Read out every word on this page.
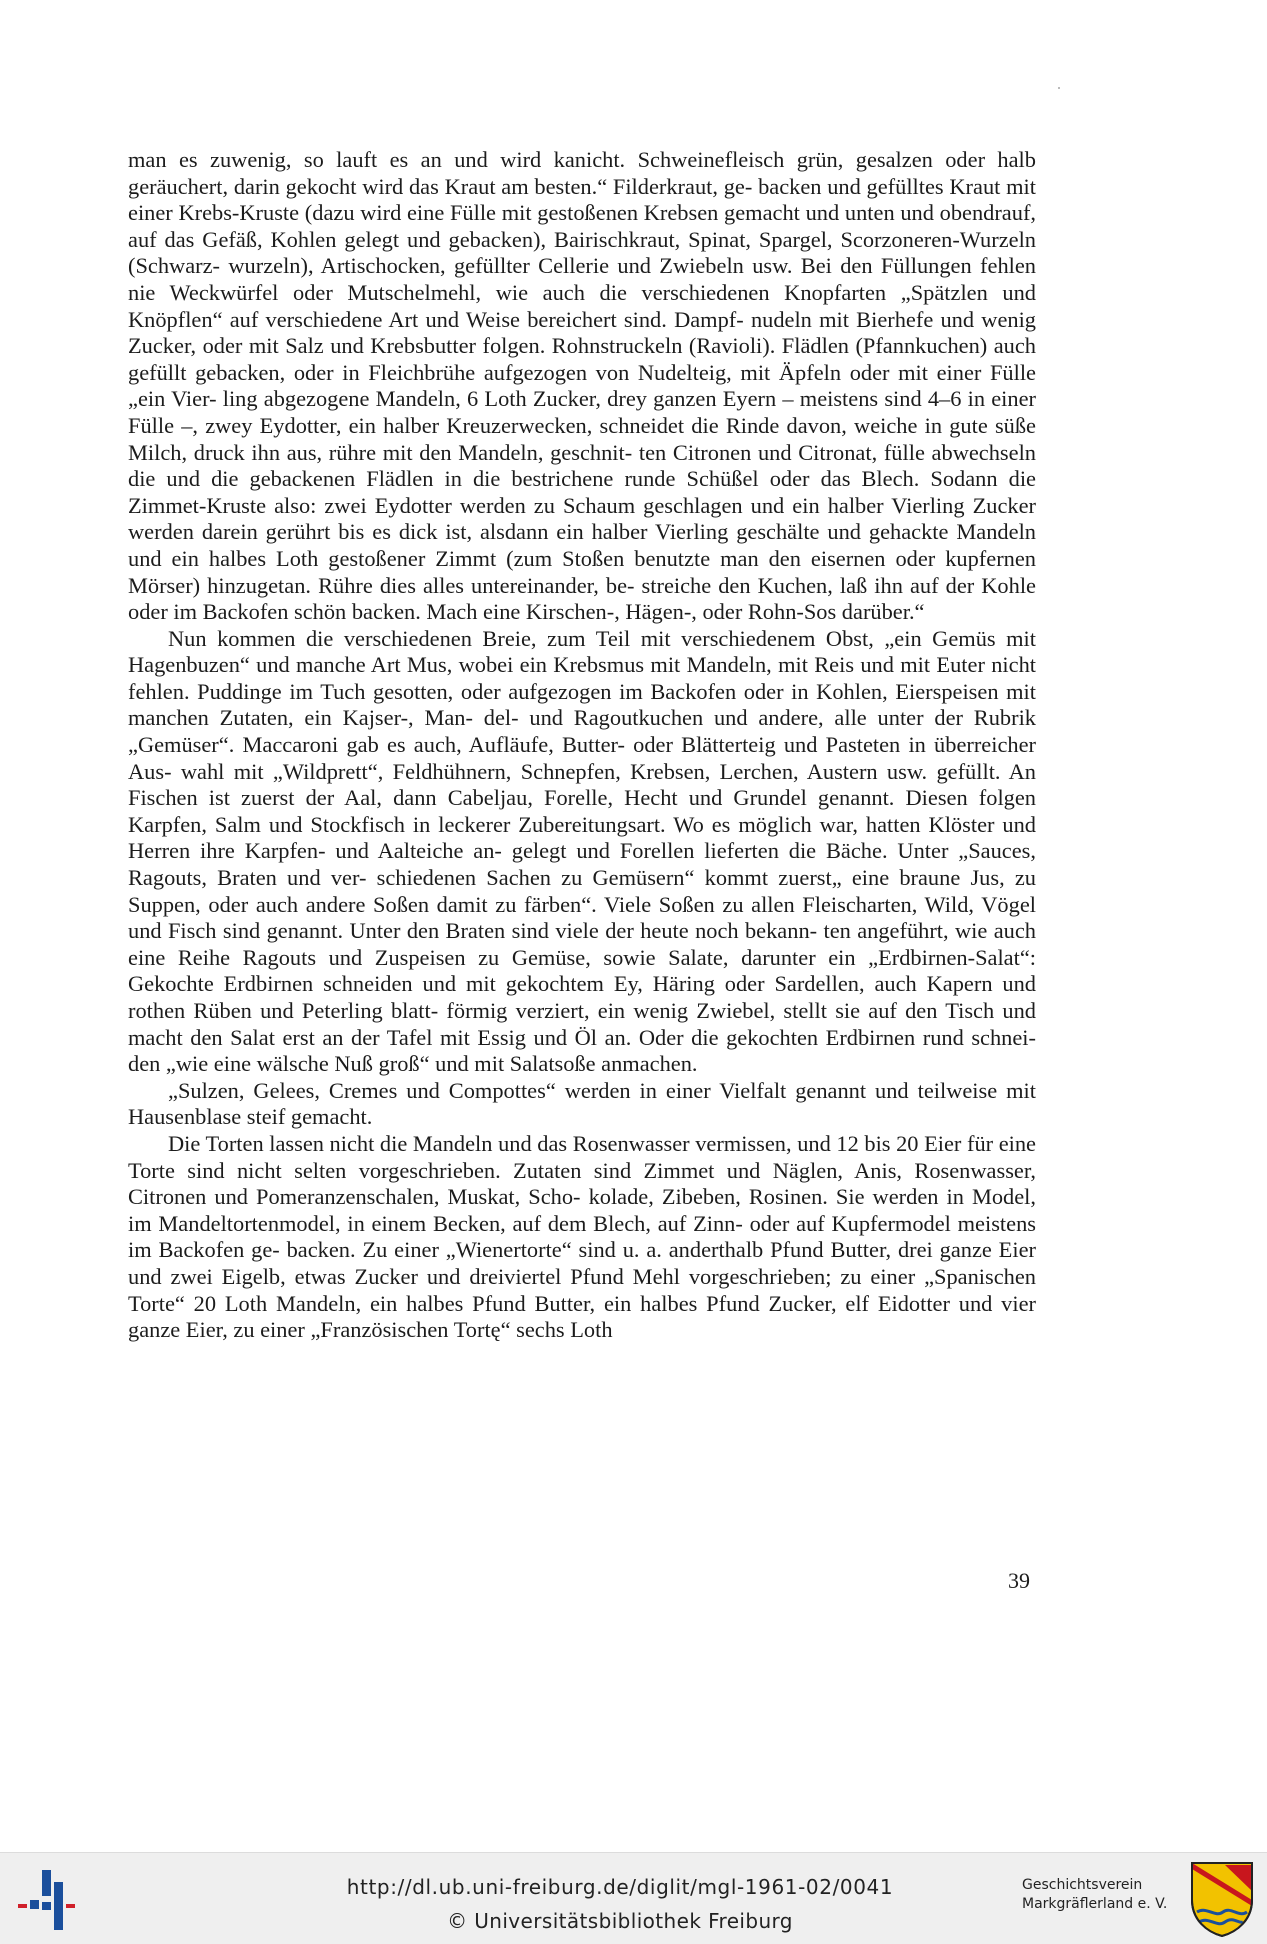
man es zuwenig, so lauft es an und wird kanicht. Schweinefleisch grün, gesalzen oder halb geräuchert, darin gekocht wird das Kraut am besten.“ Filderkraut, ge- backen und gefülltes Kraut mit einer Krebs-Kruste (dazu wird eine Fülle mit gestoßenen Krebsen gemacht und unten und obendrauf, auf das Gefäß, Kohlen gelegt und gebacken), Bairischkraut, Spinat, Spargel, Scorzoneren-Wurzeln (Schwarz- wurzeln), Artischocken, gefüllter Cellerie und Zwiebeln usw. Bei den Füllungen fehlen nie Weckwürfel oder Mutschelmehl, wie auch die verschiedenen Knopfarten „Spätzlen und Knöpflen“ auf verschiedene Art und Weise bereichert sind. Dampf- nudeln mit Bierhefe und wenig Zucker, oder mit Salz und Krebsbutter folgen. Rohnstruckeln (Ravioli). Flädlen (Pfannkuchen) auch gefüllt gebacken, oder in Fleichbrühe aufgezogen von Nudelteig, mit Äpfeln oder mit einer Fülle „ein Vier- ling abgezogene Mandeln, 6 Loth Zucker, drey ganzen Eyern – meistens sind 4–6 in einer Fülle –, zwey Eydotter, ein halber Kreuzerwecken, schneidet die Rinde davon, weiche in gute süße Milch, druck ihn aus, rühre mit den Mandeln, geschnit- ten Citronen und Citronat, fülle abwechseln die und die gebackenen Flädlen in die bestrichene runde Schüßel oder das Blech. Sodann die Zimmet-Kruste also: zwei Eydotter werden zu Schaum geschlagen und ein halber Vierling Zucker werden darein gerührt bis es dick ist, alsdann ein halber Vierling geschälte und gehackte Mandeln und ein halbes Loth gestoßener Zimmt (zum Stoßen benutzte man den eisernen oder kupfernen Mörser) hinzugetan. Rühre dies alles untereinander, be- streiche den Kuchen, laß ihn auf der Kohle oder im Backofen schön backen. Mach eine Kirschen-, Hägen-, oder Rohn-Sos darüber.“

Nun kommen die verschiedenen Breie, zum Teil mit verschiedenem Obst, „ein Gemüs mit Hagenbuzen“ und manche Art Mus, wobei ein Krebsmus mit Mandeln, mit Reis und mit Euter nicht fehlen. Puddinge im Tuch gesotten, oder aufgezogen im Backofen oder in Kohlen, Eierspeisen mit manchen Zutaten, ein Kajser-, Man- del- und Ragoutkuchen und andere, alle unter der Rubrik „Gemüser“. Maccaroni gab es auch, Aufläufe, Butter- oder Blätterteig und Pasteten in überreicher Aus- wahl mit „Wildprett“, Feldhühnern, Schnepfen, Krebsen, Lerchen, Austern usw. gefüllt. An Fischen ist zuerst der Aal, dann Cabeljau, Forelle, Hecht und Grundel genannt. Diesen folgen Karpfen, Salm und Stockfisch in leckerer Zubereitungsart. Wo es möglich war, hatten Klöster und Herren ihre Karpfen- und Aalteiche an- gelegt und Forellen lieferten die Bäche. Unter „Sauces, Ragouts, Braten und ver- schiedenen Sachen zu Gemüsern“ kommt zuerst„ eine braune Jus, zu Suppen, oder auch andere Soßen damit zu färben“. Viele Soßen zu allen Fleischarten, Wild, Vögel und Fisch sind genannt. Unter den Braten sind viele der heute noch bekann- ten angeführt, wie auch eine Reihe Ragouts und Zuspeisen zu Gemüse, sowie Salate, darunter ein „Erdbirnen-Salat“: Gekochte Erdbirnen schneiden und mit gekochtem Ey, Häring oder Sardellen, auch Kapern und rothen Rüben und Peterling blatt- förmig verziert, ein wenig Zwiebel, stellt sie auf den Tisch und macht den Salat erst an der Tafel mit Essig und Öl an. Oder die gekochten Erdbirnen rund schnei- den „wie eine wälsche Nuß groß“ und mit Salatsoße anmachen.

„Sulzen, Gelees, Cremes und Compottes“ werden in einer Vielfalt genannt und teilweise mit Hausenblase steif gemacht.

Die Torten lassen nicht die Mandeln und das Rosenwasser vermissen, und 12 bis 20 Eier für eine Torte sind nicht selten vorgeschrieben. Zutaten sind Zimmet und Näglen, Anis, Rosenwasser, Citronen und Pomeranzenschalen, Muskat, Scho- kolade, Zibeben, Rosinen. Sie werden in Model, im Mandeltortenmodel, in einem Becken, auf dem Blech, auf Zinn- oder auf Kupfermodel meistens im Backofen ge- backen. Zu einer „Wienertorte“ sind u. a. anderthalb Pfund Butter, drei ganze Eier und zwei Eigelb, etwas Zucker und dreiviertel Pfund Mehl vorgeschrieben; zu einer „Spanischen Torte“ 20 Loth Mandeln, ein halbes Pfund Butter, ein halbes Pfund Zucker, elf Eidotter und vier ganze Eier, zu einer „Französischen Tortę“ sechs Loth

39
http://dl.ub.uni-freiburg.de/diglit/mgl-1961-02/0041
© Universitätsbibliothek Freiburg
Geschichtsverein
Markgräflerland e. V.
